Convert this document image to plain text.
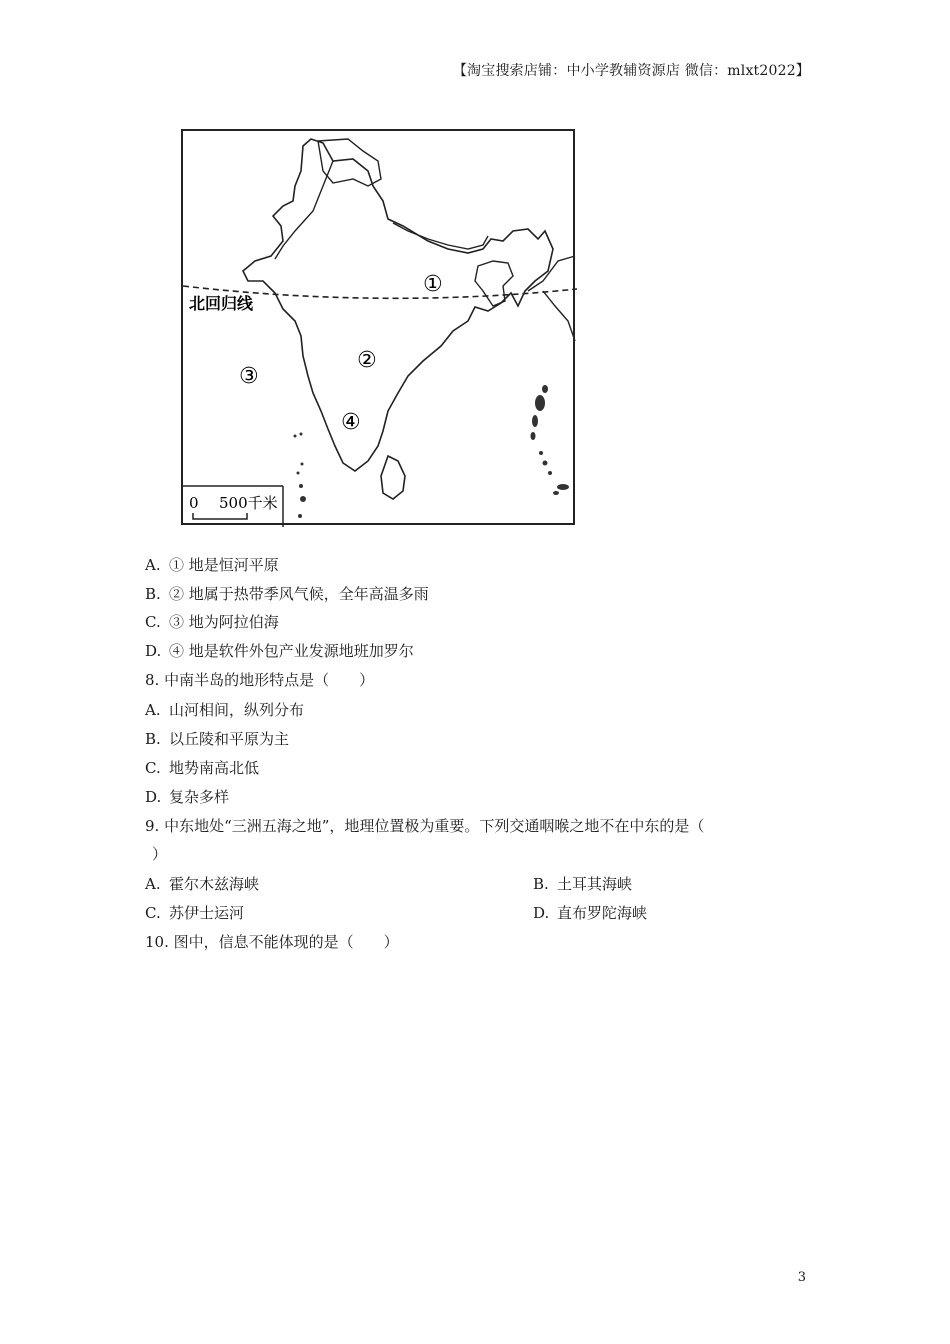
【淘宝搜索店铺：中小学教辅资源店 微信：mlxt2022】
①
②
③
④
北回归线
0 500千米
A. ① 地是恒河平原
B. ② 地属于热带季风气候，全年高温多雨
C. ③ 地为阿拉伯海
D. ④ 地是软件外包产业发源地班加罗尔
8. 中南半岛的地形特点是（　　）
A. 山河相间，纵列分布
B. 以丘陵和平原为主
C. 地势南高北低
D. 复杂多样
9. 中东地处“三洲五海之地”，地理位置极为重要。下列交通咽喉之地不在中东的是（
）
A. 霍尔木兹海峡	B. 土耳其海峡
C. 苏伊士运河	D. 直布罗陀海峡
10. 图中，信息不能体现的是（　　）
3
